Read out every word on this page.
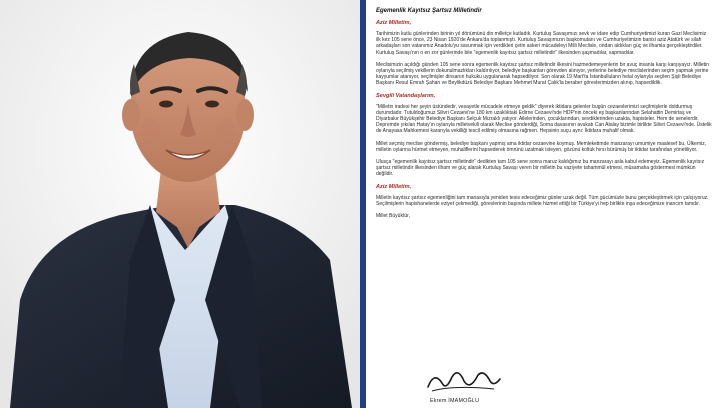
Egemenlik Kayıtsız Şartsız Milletindir
Aziz Milletim,

Tarihimizin kutlu günlerinden birinin yıl dönümünü din milletçe kutladık. Kurtuluş Savaşımızı sevk ve idare edip Cumhuriyetimizi kuran Gazi Meclisimiz ilk kez 105 sene önce, 23 Nisan 1920'de Ankara'da toplanmıştı. Kurtuluş Savaşımızın başkomutanı ve Cumhuriyetimizin banisi aziz Atatürk ve silah arkadaşları son vatanımız Anadolu'yu savunmak için verdikleri çetin askeri mücadeleyi Milli Meclisle, ondan aldıkları güç ve ilhamla gerçekleştirdiler. Kurtuluş Savaşı'nın o en zor günlerinde bile "egemenlik kayıtsız şartsız milletindir" ilkesinden şaşmadılar, sapmadılar.

Meclisimizin açıldığı günden 105 sene sonra egemenlik kayıtsız şartsız milletindir ilkesini hazmedemeyenlerin bir avuç insanla karşı karşıyayız. Milletin oylarıyla seçilmiş vekillerin dokunulmazlıkları kaldırılıyor, belediye başkanları görevden alınıyor, yerlerine belediye meclislerinden seçim yapmak yerine kayyumlar atanıyor, seçilmişler dinsanın hukuku uygulanarak hapsediliyor. Son olarak 19 Mart'ta İstanbulluların helal oylarıyla seçilen Şişli Belediye Başkanı Resul Emrah Şahan ve Beylikdüzü Belediye Başkanı Mehmet Murat Çalık'la beraber görevlerimizden alınıp, hapsedildik.

Sevgili Vatandaşlarım,

"Milletin iradesi her şeyin üstündedir, vesayetle mücadele etmeye geldik" diyerek iktidara gelenler bugün cezaevlerimizi seçilmişlerle doldurmuş durumdadır. Tutuldoğumuz Silivri Cezaevi'ne 180 km uzaklıktaki Edirne Cezaevi'nde HDP'nin önceki eş başkanlarından Selahattin Demirtaş ve Diyarbakır Büyükşehir Belediye Başkanı Selçuk Mızraklı yatıyor. Ailelerinden, çocuklarından, sevdiklerinden uzakta, hapisteler. Hem de senelerdir. Depremde yıkılan Hatay'ın oylarıyla milletvekili olarak Meclise gönderdiği, Soma davasının avukatı Can Atalay bizimle birlikte Silivri Cezaevi'nde. Üstelik de Anayasa Mahkemesi kararıyla vekilliği tescil edilmiş olmasına rağmen. Hepsinin suçu aynı: İktidara muhalif olmak.

Millet seçmiş meclise göndermiş, belediye başkanı yapmış ama iktidar cezaevine koymuş. Memleketimde manzarayı umumiye maalesef bu. Ülkemiz, milletin oylarına hürmet etmeyen, muhaliflerini hapsederek ömrünü uzatmak isteyen, gözünü koltuk hırsı bürümüş bir iktidar tarafından yönetiliyor.

Ulusça "egemenlik kayıtsız şartsız milletindir" dedikten tam 105 sene sonra maruz kaldığımız bu manzarayı asla kabul edemeyiz. Egemenlik kayıtsız şartsız milletindir ilkesinden ilham ve güç alarak Kurtuluş Savaşı veren bir milletin bu vaziyete tahammül etmesi, müsamaha göstermesi mümkün değildir.

Aziz Milletim,

Milletin kayıtsız şartsız egemenliğini tam manasıyla yeniden tesis edeceğimiz günler uzak değil. Tüm gücümüzle bunu gerçekleştirmek için çalışıyoruz. Seçilmişlerin hapishanelerde eziyet çekmediği, görevlerinin başında millete hizmet ettiği bir Türkiye'yi hep birlikte inşa edeceğimize inancım tamdır.

Millet Büyüktür,
Ekrem İMAMOĞLU
